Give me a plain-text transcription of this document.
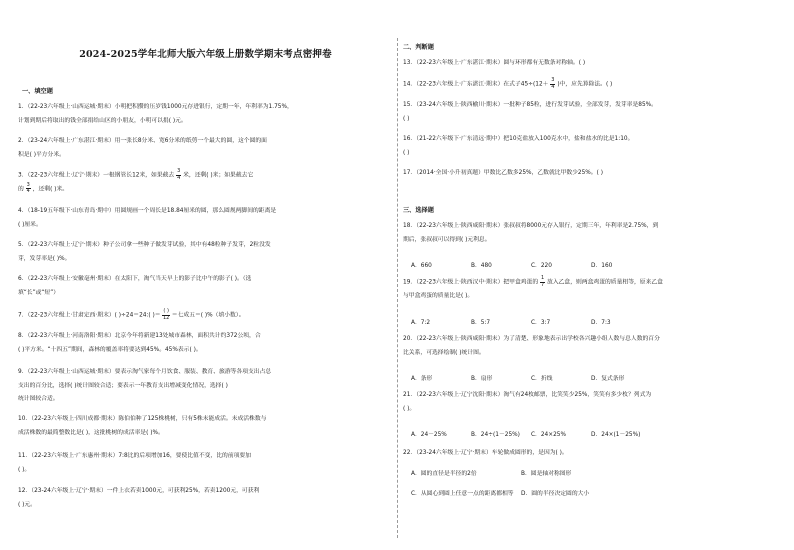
2024-2025学年北师大版六年级上册数学期末考点密押卷
一、填空题
1．（22-23六年级上·山西运城·期末）小明把积攒的压岁钱1000元存进银行，定期一年，年利率为1.75%，
计划到期后将取出的钱全部捐给山区的小朋友，小明可以捐( )元。
2．（23-24六年级上·广东湛江·期末）用一张长8分米、宽6分米的纸剪一个最大的圆，这个圆的面
积是( )平方分米。
3．（22-23六年级上·辽宁·期末）一根钢管长12米，如果截去 $\frac{3}{4}$ 米，还剩( )米；如果截去它
的 $\frac{3}{4}$ ，还剩( )米。
4．（18-19五年级下·山东青岛·期中）用圆规画一个周长是18.84厘米的圆，那么圆规两脚间的距离是
( )厘米。
5．（22-23六年级上·辽宁·期末）种子公司拿一些种子做发芽试验，其中有48粒种子发芽，2粒没发
芽，发芽率是( )%。
6．（22-23六年级上·安徽亳州·期末）在太阳下，淘气当天早上的影子比中午的影子( )。（选
填“长”或“短”）
7．（22-23六年级上·甘肃定西·期末）( )÷24＝24:( )＝ $\frac{( )}{12}$ ＝七成五＝( )%（填小数）。
8．（22-23六年级上·河南洛阳·期末）北京今年将新建13处城市森林，面积共计约372公顷，合
( )平方米。“十四五”期间，森林的覆盖率将要达到45%。45%表示( )。
9．（22-23六年级上·山西运城·期末）要表示淘气家每个月饮食、服装、教育、旅游等各项支出占总
支出的百分比，选择( )统计图较合适；要表示一年教育支出增减变化情况，选择( )
统计图较合适。
10．（22-23六年级上·四川成都·期末）陈伯伯种了125株桃树，只有5株未能成活。未成活株数与
成活株数的最简整数比是( )，这批桃树的成活率是( )%。
11．（22-23六年级上·广东惠州·期末）7:8比的后项增加16，要使比值不变，比的前项要加
( )。
12．（23-24六年级上·辽宁·期末）一件上衣若卖1000元，可获利25%，若卖1200元，可获利
( )元。
二、判断题
13．（22-23六年级上·广东湛江·期末）圆与环形都有无数条对称轴。( )
14．（22-23六年级上·广东湛江·期末）在式子$45\div(12+ \frac{3}{4}$ )中，应先算除法。( )
15．（23-24六年级上·陕西榆川·期末）一批种子85粒，进行发芽试验，全部发芽，发芽率是85%。
( )
16．（21-22六年级下·广东清远·期中）把10克盐放入100克水中，盐和盐水的比是1:10。
( )
17．（2014·全国·小升初真题）甲数比乙数多25%，乙数就比甲数少25%。( )
三、选择题
18．（22-23六年级上·陕西咸阳·期末）张叔叔将8000元存入银行，定期三年，年利率是2.75%，到
期后，张叔叔可以得到( )元利息。
A．660	B．480	C．220	D．160
19．（22-23六年级上·陕西汉中·期末）把甲盒鸡蛋的 $\frac{1}{7}$ 放入乙盒，则两盒鸡蛋的质量相等，原来乙盒
与甲盒鸡蛋的质量比是( )。
A．7:2	B．5:7	C．3:7	D．7:3
20．（22-23六年级上·陕西咸阳·期末）为了清楚、形象地表示出学校各兴趣小组人数与总人数的百分
比关系，可选择绘制( )统计图。
A．条形	B．扇形	C．折线	D．复式条形
21．（22-23六年级上·辽宁沈阳·期末）淘气有24枚邮票，比笑笑少25%，笑笑有多少枚？列式为
( )。
A．24－25%	B．24÷(1－25%) C．24×25%	D．24×(1－25%)
22．（23-24六年级上·辽宁·期末）车轮做成圆形的，是因为( )。
A．圆的直径是半径的2倍	B．圆是轴对称图形
C．从圆心到圆上任意一点的距离都相等 D．圆的半径决定圆的大小
